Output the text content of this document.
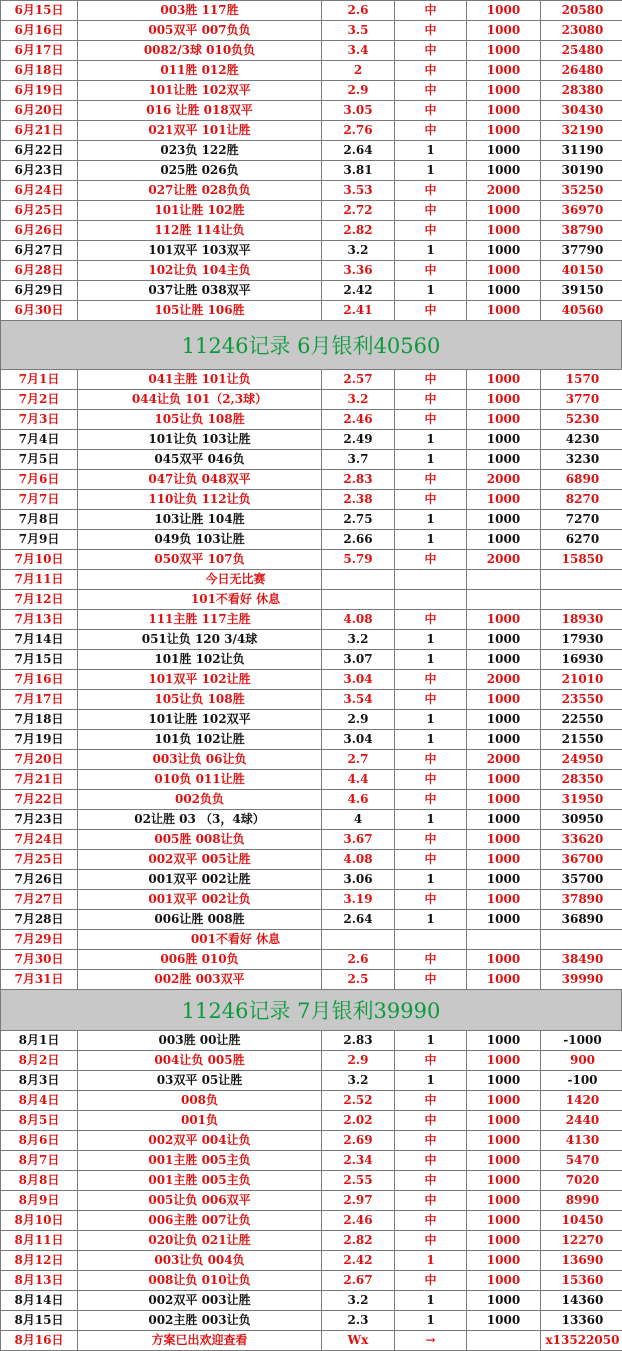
6月15日	003胜 117胜	2.6	中	1000	20580
6月16日	005双平 007负负	3.5	中	1000	23080
6月17日	0082/3球 010负负	3.4	中	1000	25480
6月18日	011胜 012胜	2	中	1000	26480
6月19日	101让胜 102双平	2.9	中	1000	28380
6月20日	016 让胜 018双平	3.05	中	1000	30430
6月21日	021双平 101让胜	2.76	中	1000	32190
6月22日	023负 122胜	2.64	1	1000	31190
6月23日	025胜 026负	3.81	1	1000	30190
6月24日	027让胜 028负负	3.53	中	2000	35250
6月25日	101让胜 102胜	2.72	中	1000	36970
6月26日	112胜 114让负	2.82	中	1000	38790
6月27日	101双平 103双平	3.2	1	1000	37790
6月28日	102让负 104主负	3.36	中	1000	40150
6月29日	037让胜 038双平	2.42	1	1000	39150
6月30日	105让胜 106胜	2.41	中	1000	40560
11246记录 6月银利40560
7月1日	041主胜 101让负	2.57	中	1000	1570
7月2日	044让负 101（2,3球）	3.2	中	1000	3770
7月3日	105让负 108胜	2.46	中	1000	5230
7月4日	101让负 103让胜	2.49	1	1000	4230
7月5日	045双平 046负	3.7	1	1000	3230
7月6日	047让负 048双平	2.83	中	2000	6890
7月7日	110让负 112让负	2.38	中	1000	8270
7月8日	103让胜 104胜	2.75	1	1000	7270
7月9日	049负 103让胜	2.66	1	1000	6270
7月10日	050双平 107负	5.79	中	2000	15850
7月11日	今日无比赛				
7月12日	101不看好 休息				
7月13日	111主胜 117主胜	4.08	中	1000	18930
7月14日	051让负 120 3/4球	3.2	1	1000	17930
7月15日	101胜 102让负	3.07	1	1000	16930
7月16日	101双平 102让胜	3.04	中	2000	21010
7月17日	105让负 108胜	3.54	中	1000	23550
7月18日	101让胜 102双平	2.9	1	1000	22550
7月19日	101负 102让胜	3.04	1	1000	21550
7月20日	003让负 06让负	2.7	中	2000	24950
7月21日	010负 011让胜	4.4	中	1000	28350
7月22日	002负负	4.6	中	1000	31950
7月23日	02让胜 03 （3，4球）	4	1	1000	30950
7月24日	005胜 008让负	3.67	中	1000	33620
7月25日	002双平 005让胜	4.08	中	1000	36700
7月26日	001双平 002让胜	3.06	1	1000	35700
7月27日	001双平 002让负	3.19	中	1000	37890
7月28日	006让胜 008胜	2.64	1	1000	36890
7月29日	001不看好 休息				
7月30日	006胜 010负	2.6	中	1000	38490
7月31日	002胜 003双平	2.5	中	1000	39990
11246记录 7月银利39990
8月1日	003胜 00让胜	2.83	1	1000	-1000
8月2日	004让负 005胜	2.9	中	1000	900
8月3日	03双平 05让胜	3.2	1	1000	-100
8月4日	008负	2.52	中	1000	1420
8月5日	001负	2.02	中	1000	2440
8月6日	002双平 004让负	2.69	中	1000	4130
8月7日	001主胜 005主负	2.34	中	1000	5470
8月8日	001主胜 005主负	2.55	中	1000	7020
8月9日	005让负 006双平	2.97	中	1000	8990
8月10日	006主胜 007让负	2.46	中	1000	10450
8月11日	020让负 021让胜	2.82	中	1000	12270
8月12日	003让负 004负	2.42	1	1000	13690
8月13日	008让负 010让负	2.67	中	1000	15360
8月14日	002双平 003让胜	3.2	1	1000	14360
8月15日	002主胜 003让负	2.3	1	1000	13360
8月16日	方案已出欢迎查看	Wx	→		x13522050
